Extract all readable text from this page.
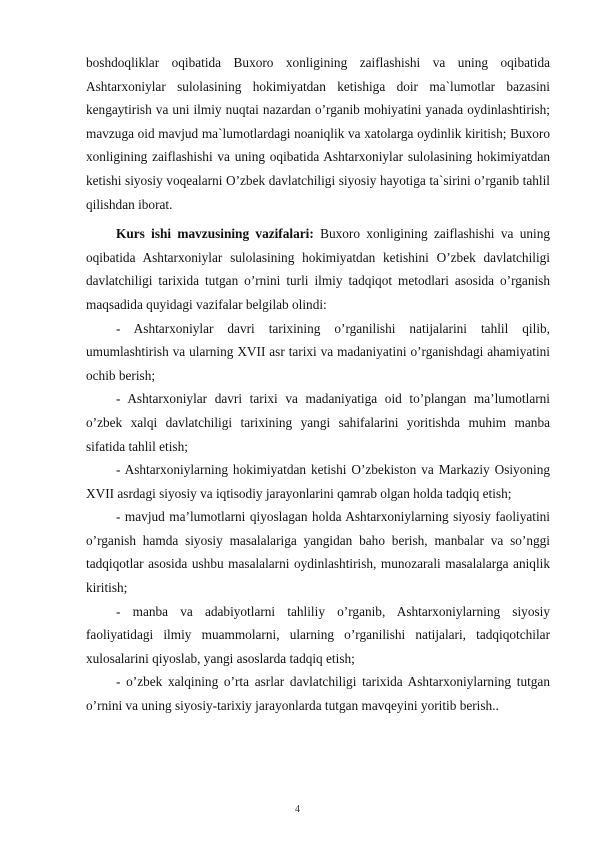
boshdoqliklar oqibatida Buxoro xonligining zaiflashishi va uning oqibatida Ashtarxoniylar sulolasining hokimiyatdan ketishiga doir ma`lumotlar bazasini kengaytirish va uni ilmiy nuqtai nazardan o’rganib mohiyatini yanada oydinlashtirish; mavzuga oid mavjud ma`lumotlardagi noaniqlik va xatolarga oydinlik kiritish; Buxoro xonligining zaiflashishi va uning oqibatida Ashtarxoniylar sulolasining hokimiyatdan ketishi siyosiy voqealarni O’zbek davlatchiligi siyosiy hayotiga ta`sirini o’rganib tahlil qilishdan iborat.

Kurs ishi mavzusining vazifalari: Buxoro xonligining zaiflashishi va uning oqibatida Ashtarxoniylar sulolasining hokimiyatdan ketishini O’zbek davlatchiligi davlatchiligi tarixida tutgan o’rnini turli ilmiy tadqiqot metodlari asosida o’rganish maqsadida quyidagi vazifalar belgilab olindi:

- Ashtarxoniylar davri tarixining o’rganilishi natijalarini tahlil qilib, umumlashtirish va ularning XVII asr tarixi va madaniyatini o’rganishdagi ahamiyatini ochib berish;

- Ashtarxoniylar davri tarixi va madaniyatiga oid to’plangan ma’lumotlarni o’zbek xalqi davlatchiligi tarixining yangi sahifalarini yoritishda muhim manba sifatida tahlil etish;

- Ashtarxoniylarning hokimiyatdan ketishi O’zbekiston va Markaziy Osiyoning XVII asrdagi siyosiy va iqtisodiy jarayonlarini qamrab olgan holda tadqiq etish;

- mavjud ma’lumotlarni qiyoslagan holda Ashtarxoniylarning siyosiy faoliyatini o’rganish hamda siyosiy masalalariga yangidan baho berish, manbalar va so’nggi tadqiqotlar asosida ushbu masalalarni oydinlashtirish, munozarali masalalarga aniqlik kiritish;

- manba va adabiyotlarni tahliliy o’rganib, Ashtarxoniylarning siyosiy faoliyatidagi ilmiy muammolarni, ularning o’rganilishi natijalari, tadqiqotchilar xulosalarini qiyoslab, yangi asoslarda tadqiq etish;

- o’zbek xalqining o’rta asrlar davlatchiligi tarixida Ashtarxoniylarning tutgan o’rnini va uning siyosiy-tarixiy jarayonlarda tutgan mavqeyini yoritib berish..

4
